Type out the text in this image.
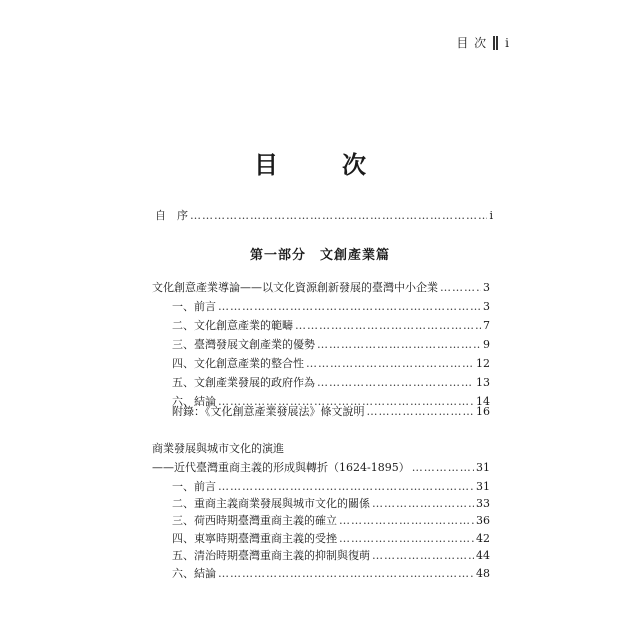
目 次 i
目　次
自　序 ……………………………………………………………………………………………………………………………………………………	i
第一部分　文創產業篇
文化創意產業導論——以文化資源創新發展的臺灣中小企業 ……………………………………………………………………………………………………………………………………………………	3
一、前言 ……………………………………………………………………………………………………………………………………………………	3
二、文化創意產業的範疇 ……………………………………………………………………………………………………………………………………………………	7
三、臺灣發展文創產業的優勢 ……………………………………………………………………………………………………………………………………………………	9
四、文化創意產業的整合性 ……………………………………………………………………………………………………………………………………………………	12
五、文創產業發展的政府作為 ……………………………………………………………………………………………………………………………………………………	13
六、結論 ……………………………………………………………………………………………………………………………………………………	14
附錄：《文化創意產業發展法》條文說明 ……………………………………………………………………………………………………………………………………………………	16
商業發展與城市文化的演進
——近代臺灣重商主義的形成與轉折（1624-1895） ……………………………………………………………………………………………………………………………………………………	31
一、前言 ……………………………………………………………………………………………………………………………………………………	31
二、重商主義商業發展與城市文化的關係 ……………………………………………………………………………………………………………………………………………………	33
三、荷西時期臺灣重商主義的確立 ……………………………………………………………………………………………………………………………………………………	36
四、東寧時期臺灣重商主義的受挫 ……………………………………………………………………………………………………………………………………………………	42
五、清治時期臺灣重商主義的抑制與復萌 ……………………………………………………………………………………………………………………………………………………	44
六、結論 ……………………………………………………………………………………………………………………………………………………	48
